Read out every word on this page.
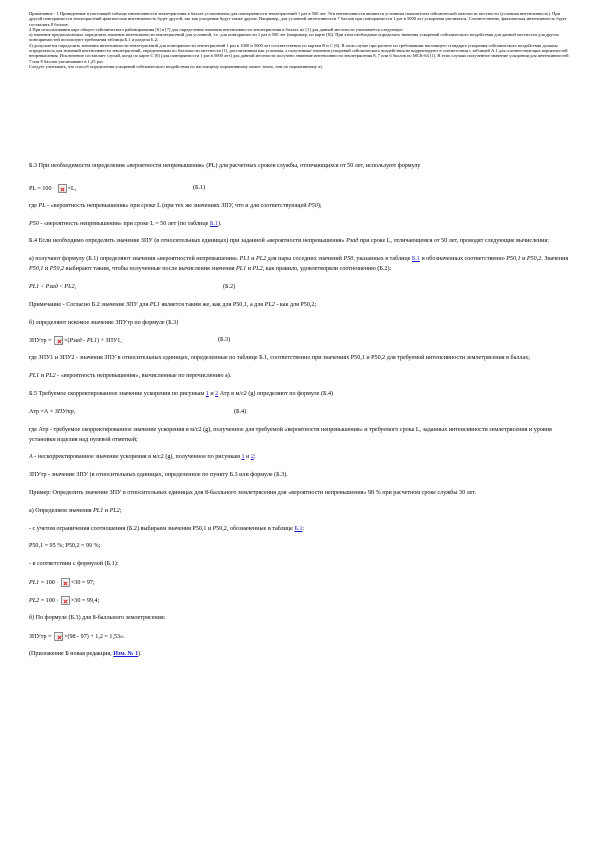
Примечание - 1 Приведенные в настоящей таблице интенсивности землетрясения в баллах установлены для повторяемости землетрясений 1 раз в 500 лет. Эти интенсивности являются условным показателем сейсмической опасности местности (условная интенсивность). При другой повторяемости землетрясений фактическая интенсивность будет другой, так как ускорения будут также другие. Например, для условной интенсивности 7 баллов при повторяемости 1 раз в 5000 лет ускорения увеличатся. Соответственно, фактическая интенсивность будет составлять 8 баллов.

2 При использовании карт общего сейсмического районирования [6] и [7] для определения значения интенсивности землетрясения в баллах по [1] для данной местности учитывается следующее:

а) значение предполагаемых определить значение интенсивности землетрясений для условной, т.е. для повторяемости 1 раз в 500 лет (например, по карте [6]). При этом необходимо определить значения ускорений сейсмического воздействия для данной местности для других повторяемостей используют требования таблицы Б.1 и раздела Б.2;

б) допускается определить значения интенсивности землетрясений для повторяемости землетрясений 1 раз в 1000 и 5000 лет соответственно по картам В и С [6]. В этом случае при расчете по требованиям настоящего стандарта ускорения сейсмического воздействия должны определяться для значений интенсивности землетрясений, определенным по балльности местности [1], рассчитанным как условная, а полученные значения ускорений сейсмического воздействия не корректируют в соответствии с таблицей А.1 для соответствующих вероятностей непревышения. Исключение составляет случай, когда по карте С [6] (для повторяемости 1 раз в 5000 лет) для данной местности получено значение интенсивности землетрясения 8, 7 или 6 баллов по МСК-64 [1]. В этих случаях полученное значение ускорения для интенсивностей 7 или 8 баллов увеличивают в 1,25 раз.

Следует учитывать, что способ определения ускорений сейсмического воздействия по настоящему нормативному может точно, чем по нормативному а).

Б.3 При необходимости определения «вероятности непревышения» (PL) для расчетных сроков службы, отличающихся от 50 лет, используют формулу

PL = 100 · ×L,	(Б.1)

где PL - «вероятность непревышения» при сроке L (при тех же значениях ЗПУ, что и для соответствующей P50);

P50 - «вероятность непревышения» при сроке L = 50 лет (по таблице Б.1).

Б.4 Если необходимо определить значение ЗПУ (в относительных единицах) при заданной «вероятности непревышения» Pзад при сроке L, отличающемся от 50 лет, проводят следующие вычисления:

а) получают формулу (Б.1) определяют значения «вероятностей непревышения» PL1 и PL2 для пары соседних значений P50, указанных в таблице Б.1 и обозначенных соответственно P50,1 и P50,2. Значения P50,1 и P50,2 выбирают таким, чтобы полученные после вычисления значения PL1 и PL2, как правило, удовлетворяли соотношению (Б.2):

PL1 < Pзад < PL2,	(Б.2)

Примечание - Согласно Б.2 значение ЗПУ для PL1 является таким же, как для P50,1, а для PL2 - как для P50,2;

б) определяют искомое значение ЗПУтр по формуле (Б.3)

ЗПУтр = ×(Pзад - PL1) + ЗПУ1,	(Б.3)

где ЗПУ1 и ЗПУ2 - значения ЗПУ в относительных единицах, определенные по таблице Б.1, соответственно при значениях P50,1 и P50,2 для требуемой интенсивности землетрясения в баллах;

PL1 и PL2 - «вероятность непревышения», вычисленные по перечислению а).

Б.5 Требуемое скорректированное значение ускорения по рисункам 1 и 2 Атр в м/с2 (g) определяют по формуле (Б.4)

Атр =А × ЗПУтр,	(Б.4)

где Атр - требуемое скорректированное значение ускорения в м/с2 (g), полученное для требуемой «вероятности непревышения» и требуемого срока L, заданных интенсивности землетрясения и уровня установки изделия над нулевой отметкой;

А - нескорректированное значение ускорения в м/с2 (g), полученное по рисункам 1 и 2;

ЗПУтр - значение ЗПУ (в относительных единицах, определенное по пункту Б.3 или формуле (Б.3).

Пример: Определить значение ЗПУ в относительных единицах для 8-балльного землетрясения для «вероятности непревышения» 98 % при расчетном сроке службы 30 лет.

а) Определяем значения PL1 и PL2;

- с учетом ограничения соотношения (Б.2) выбираем значения P50,1 и P50,2, обозначенные в таблице Б.1:

P50,1 = 95 %; P50,2 = 99 %;

- в соответствии с формулой (Б.1):

PL1 = 100 · ×30 = 97;
PL2 = 100 · ×30 = 99,4;

б) По формуле (Б.3) для 8-балльного землетрясения:

ЗПУтр = ×(98 - 97) + 1,2 = 1,53».

(Приложение Б новая редакция, Изм. № 1).
